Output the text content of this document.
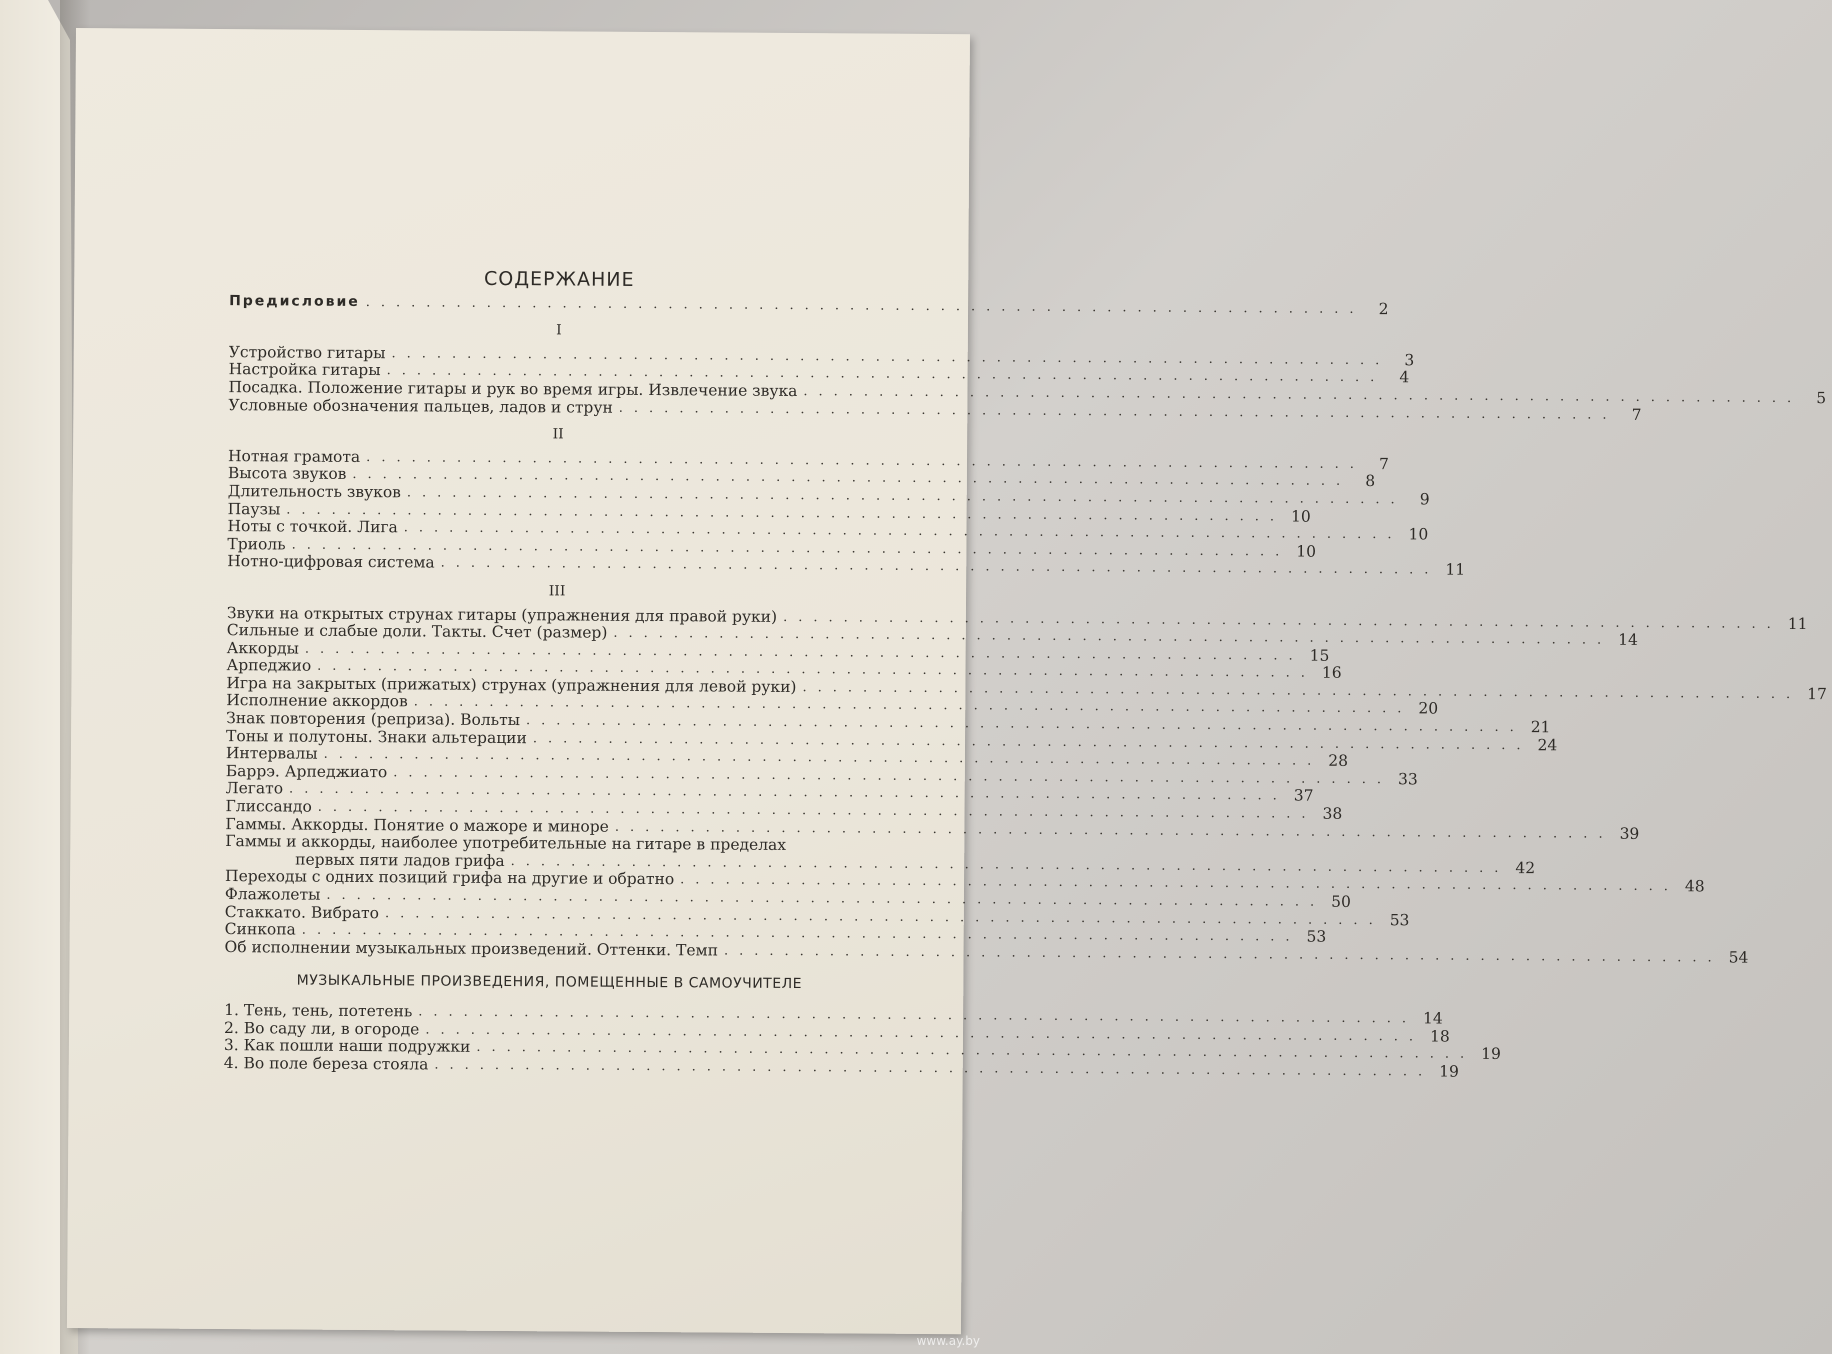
СОДЕРЖАНИЕ
Предисловие .................................................................. 2
I
Устройство гитары .................................................................. 3
Настройка гитары .................................................................. 4
Посадка. Положение гитары и рук во время игры. Извлечение звука .................................................................. 5
Условные обозначения пальцев, ладов и струн .................................................................. 7
II
Нотная грамота .................................................................. 7
Высота звуков .................................................................. 8
Длительность звуков .................................................................. 9
Паузы .................................................................. 10
Ноты с точкой. Лига .................................................................. 10
Триоль .................................................................. 10
Нотно-цифровая система .................................................................. 11
III
Звуки на открытых струнах гитары (упражнения для правой руки) .................................................................. 11
Сильные и слабые доли. Такты. Счет (размер) .................................................................. 14
Аккорды .................................................................. 15
Арпеджио .................................................................. 16
Игра на закрытых (прижатых) струнах (упражнения для левой руки) .................................................................. 17
Исполнение аккордов .................................................................. 20
Знак повторения (реприза). Вольты .................................................................. 21
Тоны и полутоны. Знаки альтерации .................................................................. 24
Интервалы .................................................................. 28
Баррэ. Арпеджиато .................................................................. 33
Легато .................................................................. 37
Глиссандо .................................................................. 38
Гаммы. Аккорды. Понятие о мажоре и миноре .................................................................. 39
Гаммы и аккорды, наиболее употребительные на гитаре в пределах
первых пяти ладов грифа .................................................................. 42
Переходы с одних позиций грифа на другие и обратно .................................................................. 48
Флажолеты .................................................................. 50
Стаккато. Вибрато .................................................................. 53
Синкопа .................................................................. 53
Об исполнении музыкальных произведений. Оттенки. Темп .................................................................. 54
МУЗЫКАЛЬНЫЕ ПРОИЗВЕДЕНИЯ, ПОМЕЩЕННЫЕ В САМОУЧИТЕЛЕ
1. Тень, тень, потетень .................................................................. 14
2. Во саду ли, в огороде .................................................................. 18
3. Как пошли наши подружки .................................................................. 19
4. Во поле береза стояла .................................................................. 19
www.ay.by
